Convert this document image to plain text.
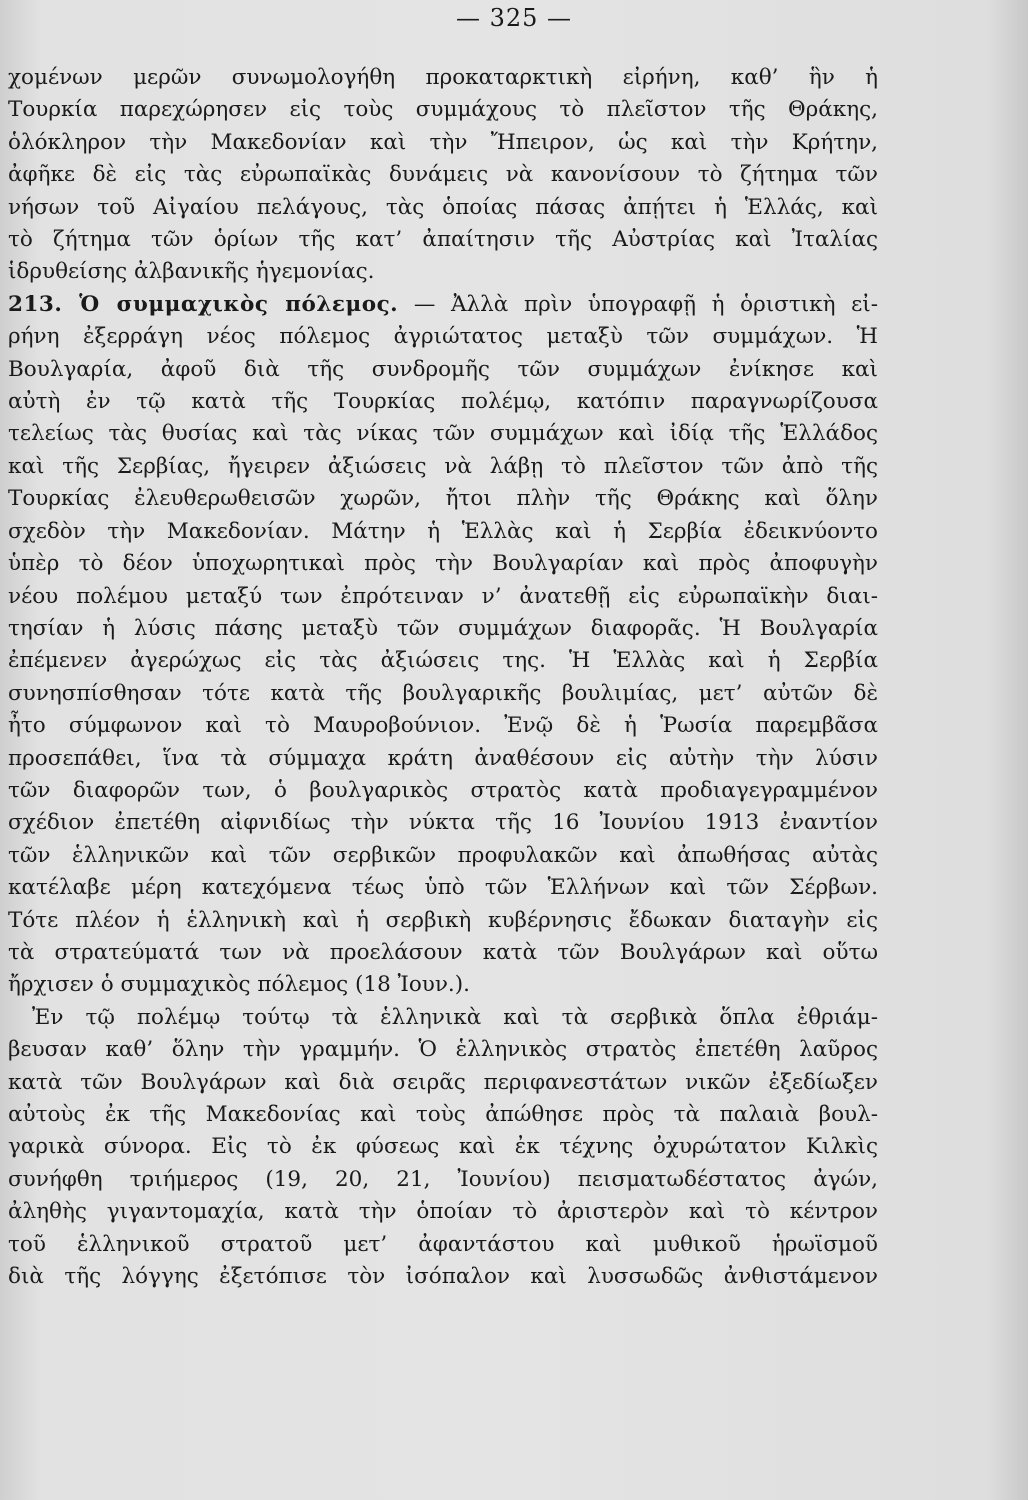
— 325 —
χομένων μερῶν συνωμολογήθη προκαταρκτικὴ εἰρήνη, καθ’ ἣν ἡ
Τουρκία παρεχώρησεν εἰς τοὺς συμμάχους τὸ πλεῖστον τῆς Θράκης,
ὁλόκληρον τὴν Μακεδονίαν καὶ τὴν Ἤπειρον, ὡς καὶ τὴν Κρήτην,
ἀφῆκε δὲ εἰς τὰς εὐρωπαϊκὰς δυνάμεις νὰ κανονίσουν τὸ ζήτημα τῶν
νήσων τοῦ Αἰγαίου πελάγους, τὰς ὁποίας πάσας ἀπῄτει ἡ Ἑλλάς, καὶ
τὸ ζήτημα τῶν ὁρίων τῆς κατ’ ἀπαίτησιν τῆς Αὐστρίας καὶ Ἰταλίας
ἱδρυθείσης ἀλβανικῆς ἡγεμονίας.
213. Ὁ συμμαχικὸς πόλεμος. — Ἀλλὰ πρὶν ὑπογραφῇ ἡ ὁριστικὴ εἰ-
ρήνη ἐξερράγη νέος πόλεμος ἀγριώτατος μεταξὺ τῶν συμμάχων. Ἡ
Βουλγαρία, ἀφοῦ διὰ τῆς συνδρομῆς τῶν συμμάχων ἐνίκησε καὶ
αὐτὴ ἐν τῷ κατὰ τῆς Τουρκίας πολέμῳ, κατόπιν παραγνωρίζουσα
τελείως τὰς θυσίας καὶ τὰς νίκας τῶν συμμάχων καὶ ἰδίᾳ τῆς Ἑλλάδος
καὶ τῆς Σερβίας, ἤγειρεν ἀξιώσεις νὰ λάβῃ τὸ πλεῖστον τῶν ἀπὸ τῆς
Τουρκίας ἐλευθερωθεισῶν χωρῶν, ἤτοι πλὴν τῆς Θράκης καὶ ὅλην
σχεδὸν τὴν Μακεδονίαν. Μάτην ἡ Ἑλλὰς καὶ ἡ Σερβία ἐδεικνύοντο
ὑπὲρ τὸ δέον ὑποχωρητικαὶ πρὸς τὴν Βουλγαρίαν καὶ πρὸς ἀποφυγὴν
νέου πολέμου μεταξύ των ἐπρότειναν ν’ ἀνατεθῇ εἰς εὐρωπαϊκὴν διαι-
τησίαν ἡ λύσις πάσης μεταξὺ τῶν συμμάχων διαφορᾶς. Ἡ Βουλγαρία
ἐπέμενεν ἀγερώχως εἰς τὰς ἀξιώσεις της. Ἡ Ἑλλὰς καὶ ἡ Σερβία
συνησπίσθησαν τότε κατὰ τῆς βουλγαρικῆς βουλιμίας, μετ’ αὐτῶν δὲ
ἦτο σύμφωνον καὶ τὸ Μαυροβούνιον. Ἐνῷ δὲ ἡ Ῥωσία παρεμβᾶσα
προσεπάθει, ἵνα τὰ σύμμαχα κράτη ἀναθέσουν εἰς αὐτὴν τὴν λύσιν
τῶν διαφορῶν των, ὁ βουλγαρικὸς στρατὸς κατὰ προδιαγεγραμμένον
σχέδιον ἐπετέθη αἰφνιδίως τὴν νύκτα τῆς 16 Ἰουνίου 1913 ἐναντίον
τῶν ἑλληνικῶν καὶ τῶν σερβικῶν προφυλακῶν καὶ ἀπωθήσας αὐτὰς
κατέλαβε μέρη κατεχόμενα τέως ὑπὸ τῶν Ἑλλήνων καὶ τῶν Σέρβων.
Τότε πλέον ἡ ἑλληνικὴ καὶ ἡ σερβικὴ κυβέρνησις ἔδωκαν διαταγὴν εἰς
τὰ στρατεύματά των νὰ προελάσουν κατὰ τῶν Βουλγάρων καὶ οὕτω
ἤρχισεν ὁ συμμαχικὸς πόλεμος (18 Ἰουν.).
Ἐν τῷ πολέμῳ τούτῳ τὰ ἑλληνικὰ καὶ τὰ σερβικὰ ὅπλα ἐθριάμ-
βευσαν καθ’ ὅλην τὴν γραμμήν. Ὁ ἑλληνικὸς στρατὸς ἐπετέθη λαῦρος
κατὰ τῶν Βουλγάρων καὶ διὰ σειρᾶς περιφανεστάτων νικῶν ἐξεδίωξεν
αὐτοὺς ἐκ τῆς Μακεδονίας καὶ τοὺς ἀπώθησε πρὸς τὰ παλαιὰ βουλ-
γαρικὰ σύνορα. Εἰς τὸ ἐκ φύσεως καὶ ἐκ τέχνης ὀχυρώτατον Κιλκὶς
συνήφθη τριήμερος (19, 20, 21, Ἰουνίου) πεισματωδέστατος ἀγών,
ἀληθὴς γιγαντομαχία, κατὰ τὴν ὁποίαν τὸ ἀριστερὸν καὶ τὸ κέντρον
τοῦ ἑλληνικοῦ στρατοῦ μετ’ ἀφαντάστου καὶ μυθικοῦ ἡρωϊσμοῦ
διὰ τῆς λόγγης ἐξετόπισε τὸν ἰσόπαλον καὶ λυσσωδῶς ἀνθιστάμενον
